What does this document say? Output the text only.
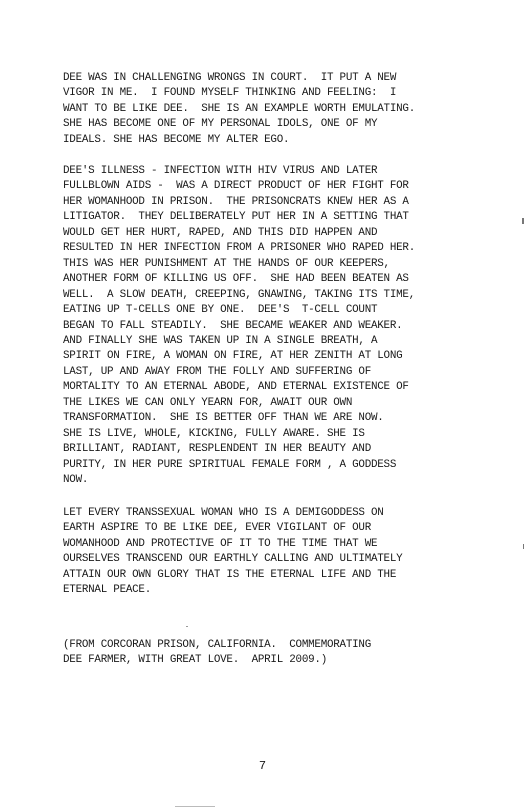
DEE WAS IN CHALLENGING WRONGS IN COURT.  IT PUT A NEW
VIGOR IN ME.  I FOUND MYSELF THINKING AND FEELING:  I
WANT TO BE LIKE DEE.  SHE IS AN EXAMPLE WORTH EMULATING.
SHE HAS BECOME ONE OF MY PERSONAL IDOLS, ONE OF MY
IDEALS. SHE HAS BECOME MY ALTER EGO.

DEE'S ILLNESS - INFECTION WITH HIV VIRUS AND LATER
FULLBLOWN AIDS -  WAS A DIRECT PRODUCT OF HER FIGHT FOR
HER WOMANHOOD IN PRISON.  THE PRISONCRATS KNEW HER AS A
LITIGATOR.  THEY DELIBERATELY PUT HER IN A SETTING THAT
WOULD GET HER HURT, RAPED, AND THIS DID HAPPEN AND
RESULTED IN HER INFECTION FROM A PRISONER WHO RAPED HER.
THIS WAS HER PUNISHMENT AT THE HANDS OF OUR KEEPERS,
ANOTHER FORM OF KILLING US OFF.  SHE HAD BEEN BEATEN AS
WELL.  A SLOW DEATH, CREEPING, GNAWING, TAKING ITS TIME,
EATING UP T-CELLS ONE BY ONE.  DEE'S  T-CELL COUNT
BEGAN TO FALL STEADILY.  SHE BECAME WEAKER AND WEAKER.
AND FINALLY SHE WAS TAKEN UP IN A SINGLE BREATH, A
SPIRIT ON FIRE, A WOMAN ON FIRE, AT HER ZENITH AT LONG
LAST, UP AND AWAY FROM THE FOLLY AND SUFFERING OF
MORTALITY TO AN ETERNAL ABODE, AND ETERNAL EXISTENCE OF
THE LIKES WE CAN ONLY YEARN FOR, AWAIT OUR OWN
TRANSFORMATION.  SHE IS BETTER OFF THAN WE ARE NOW.
SHE IS LIVE, WHOLE, KICKING, FULLY AWARE. SHE IS
BRILLIANT, RADIANT, RESPLENDENT IN HER BEAUTY AND
PURITY, IN HER PURE SPIRITUAL FEMALE FORM , A GODDESS
NOW.

LET EVERY TRANSSEXUAL WOMAN WHO IS A DEMIGODDESS ON
EARTH ASPIRE TO BE LIKE DEE, EVER VIGILANT OF OUR
WOMANHOOD AND PROTECTIVE OF IT TO THE TIME THAT WE
OURSELVES TRANSCEND OUR EARTHLY CALLING AND ULTIMATELY
ATTAIN OUR OWN GLORY THAT IS THE ETERNAL LIFE AND THE
ETERNAL PEACE.

(FROM CORCORAN PRISON, CALIFORNIA.  COMMEMORATING
DEE FARMER, WITH GREAT LOVE.  APRIL 2009.)

7
